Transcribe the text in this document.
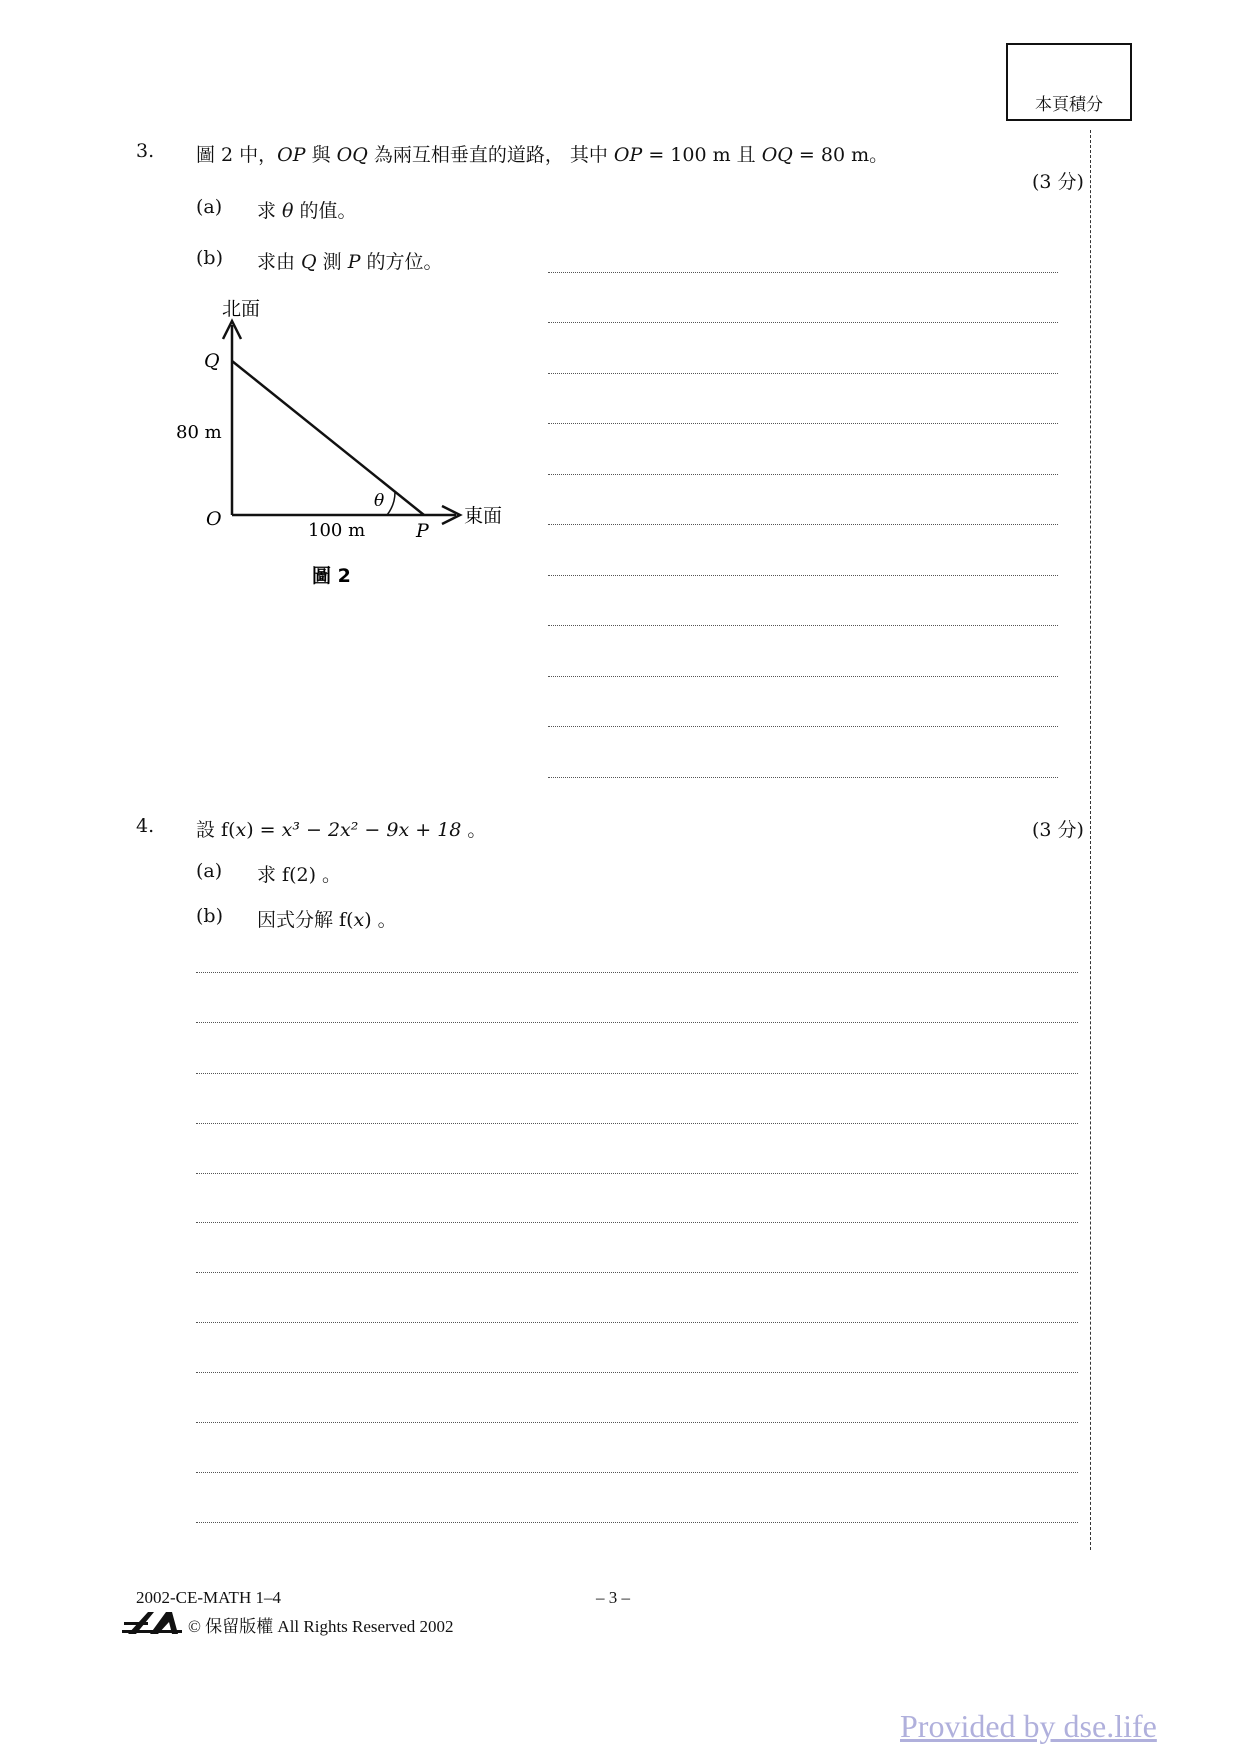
本頁積分
3. 圖 2 中，OP 與 OQ 為兩互相垂直的道路， 其中 OP = 100 m 且 OQ = 80 m。
(3 分)
(a) 求 θ 的值。
(b) 求由 Q 測 P 的方位。
北面
東面
Q
O
P
θ
80 m
100 m
圖 2
4. 設 f(x) = x³ − 2x² − 9x + 18 。	(3 分)
(a) 求 f(2) 。
(b) 因式分解 f(x) 。
2002-CE-MATH 1–4	– 3 –
© 保留版權 All Rights Reserved 2002
Provided by dse.life
